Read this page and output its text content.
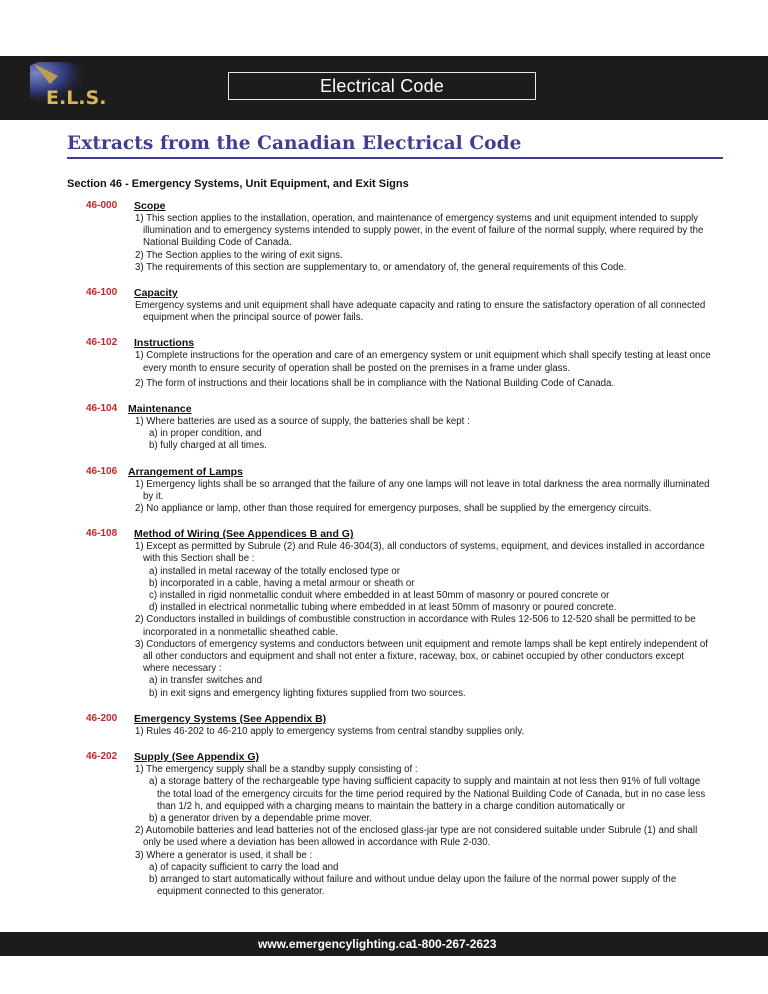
E.L.S.
Electrical Code
Extracts from the Canadian Electrical Code
Section 46 - Emergency Systems, Unit Equipment, and Exit Signs
46-000 Scope
1) This section applies to the installation, operation, and maintenance of emergency systems and unit equipment intended to supply illumination and to emergency systems intended to supply power, in the event of failure of the normal supply, where required by the National Building Code of Canada.
2) The Section applies to the wiring of exit signs.
3) The requirements of this section are supplementary to, or amendatory of, the general requirements of this Code.
46-100 Capacity
Emergency systems and unit equipment shall have adequate capacity and rating to ensure the satisfactory operation of all connected equipment when the principal source of power fails.
46-102 Instructions
1) Complete instructions for the operation and care of an emergency system or unit equipment which shall specify testing at least once every month to ensure security of operation shall be posted on the premises in a frame under glass.
2) The form of instructions and their locations shall be in compliance with the National Building Code of Canada.
46-104 Maintenance
1) Where batteries are used as a source of supply, the batteries shall be kept :
a) in proper condition, and
b) fully charged at all times.
46-106 Arrangement of Lamps
1) Emergency lights shall be so arranged that the failure of any one lamps will not leave in total darkness the area normally illuminated by it.
2) No appliance or lamp, other than those required for emergency purposes, shall be supplied by the emergency circuits.
46-108 Method of Wiring (See Appendices B and G)
1) Except as permitted by Subrule (2) and Rule 46-304(3), all conductors of systems, equipment, and devices installed in accordance with this Section shall be :
a) installed in metal raceway of the totally enclosed type or
b) incorporated in a cable, having a metal armour or sheath or
c) installed in rigid nonmetallic conduit where embedded in at least 50mm of masonry or poured concrete or
d) installed in electrical nonmetallic tubing where embedded in at least 50mm of masonry or poured concrete.
2) Conductors installed in buildings of combustible construction in accordance with Rules 12-506 to 12-520 shall be permitted to be incorporated in a nonmetallic sheathed cable.
3) Conductors of emergency systems and conductors between unit equipment and remote lamps shall be kept entirely independent of all other conductors and equipment and shall not enter a fixture, raceway, box, or cabinet occupied by other conductors except where necessary :
a) in transfer switches and
b) in exit signs and emergency lighting fixtures supplied from two sources.
46-200 Emergency Systems (See Appendix B)
1) Rules 46-202 to 46-210 apply to emergency systems from central standby supplies only.
46-202 Supply (See Appendix G)
1) The emergency supply shall be a standby supply consisting of :
a) a storage battery of the rechargeable type having sufficient capacity to supply and maintain at not less then 91% of full voltage the total load of the emergency circuits for the time period required by the National Building Code of Canada, but in no case less than 1/2 h, and equipped with a charging means to maintain the battery in a charge condition automatically or
b) a generator driven by a dependable prime mover.
2) Automobile batteries and lead batteries not of the enclosed glass-jar type are not considered suitable under Subrule (1) and shall only be used where a deviation has been allowed in accordance with Rule 2-030.
3) Where a generator is used, it shall be :
a) of capacity sufficient to carry the load and
b) arranged to start automatically without failure and without undue delay upon the failure of the normal power supply of the equipment connected to this generator.
www.emergencylighting.ca
1-800-267-2623
